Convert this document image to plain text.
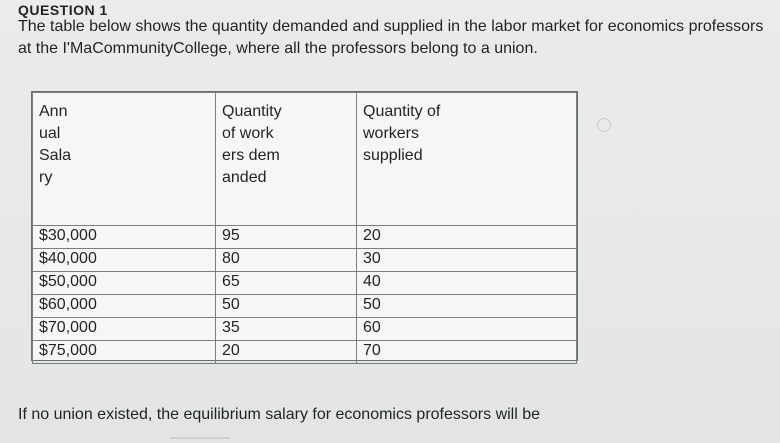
QUESTION 1
The table below shows the quantity demanded and supplied in the labor market for economics professors at the I'MaCommunityCollege, where all the professors belong to a union.
Annual Salary	Quantity of workers demanded	Quantity of workers supplied

$30,000	95	20
$40,000	80	30
$50,000	65	40
$60,000	50	50
$70,000	35	60
$75,000	20	70
If no union existed, the equilibrium salary for economics professors will be
